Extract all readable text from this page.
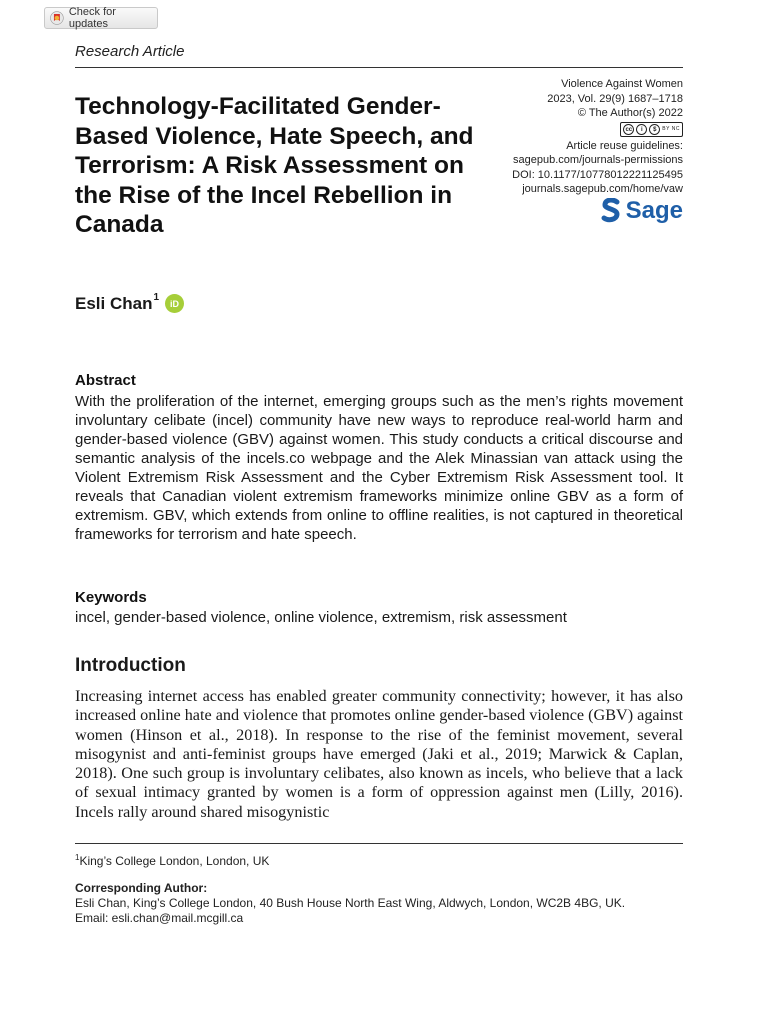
Check for updates
Research Article
Technology-Facilitated Gender-Based Violence, Hate Speech, and Terrorism: A Risk Assessment on the Rise of the Incel Rebellion in Canada
Violence Against Women
2023, Vol. 29(9) 1687–1718
© The Author(s) 2022
cc	i	$	BY NC
Article reuse guidelines:
sagepub.com/journals-permissions
DOI: 10.1177/10778012221125495
journals.sagepub.com/home/vaw
Sage
Esli Chan$^1$
iD
Abstract
With the proliferation of the internet, emerging groups such as the men’s rights movement involuntary celibate (incel) community have new ways to reproduce real-world harm and gender-based violence (GBV) against women. This study conducts a critical discourse and semantic analysis of the incels.co webpage and the Alek Minassian van attack using the Violent Extremism Risk Assessment and the Cyber Extremism Risk Assessment tool. It reveals that Canadian violent extremism frameworks minimize online GBV as a form of extremism. GBV, which extends from online to offline realities, is not captured in theoretical frameworks for terrorism and hate speech.
Keywords
incel, gender-based violence, online violence, extremism, risk assessment
Introduction
Increasing internet access has enabled greater community connectivity; however, it has also increased online hate and violence that promotes online gender-based violence (GBV) against women (Hinson et al., 2018). In response to the rise of the feminist movement, several misogynist and anti-feminist groups have emerged (Jaki et al., 2019; Marwick & Caplan, 2018). One such group is involuntary celibates, also known as incels, who believe that a lack of sexual intimacy granted by women is a form of oppression against men (Lilly, 2016). Incels rally around shared misogynistic
$^1$King’s College London, London, UK
Corresponding Author:
Esli Chan, King’s College London, 40 Bush House North East Wing, Aldwych, London, WC2B 4BG, UK.
Email: esli.chan@mail.mcgill.ca
